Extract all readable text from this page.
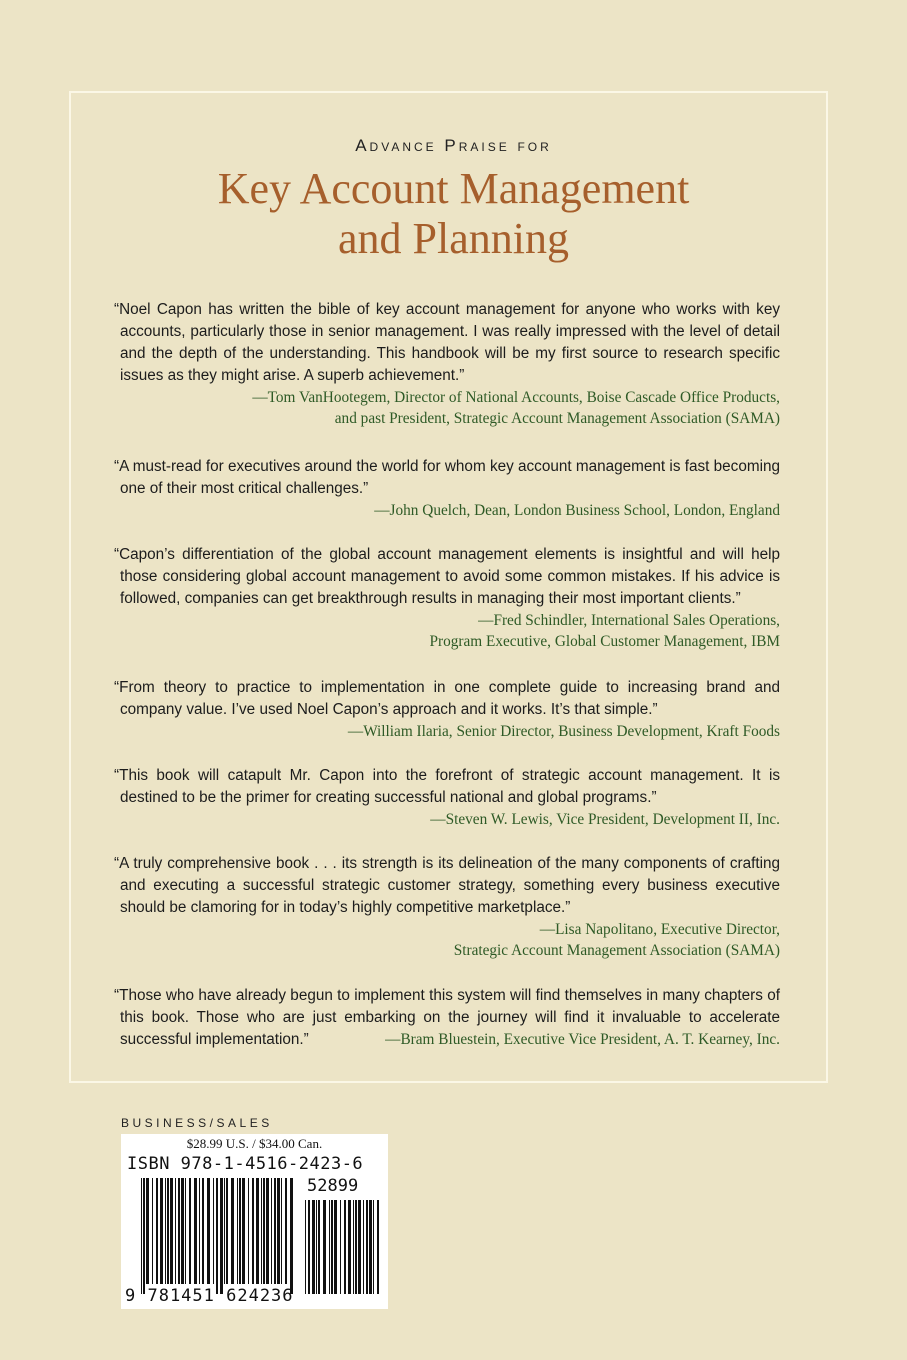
Advance Praise for
Key Account Management
and Planning
“Noel Capon has written the bible of key account management for anyone who works with key accounts, particularly those in senior management. I was really impressed with the level of detail and the depth of the understanding. This handbook will be my first source to research specific issues as they might arise. A superb achievement.”
—Tom VanHootegem, Director of National Accounts, Boise Cascade Office Products,
and past President, Strategic Account Management Association (SAMA)
“A must-read for executives around the world for whom key account management is fast becoming one of their most critical challenges.”
—John Quelch, Dean, London Business School, London, England
“Capon’s differentiation of the global account management elements is insightful and will help those considering global account management to avoid some common mistakes. If his advice is followed, companies can get breakthrough results in managing their most important clients.”
—Fred Schindler, International Sales Operations,
Program Executive, Global Customer Management, IBM
“From theory to practice to implementation in one complete guide to increasing brand and company value. I’ve used Noel Capon’s approach and it works. It’s that simple.”
—William Ilaria, Senior Director, Business Development, Kraft Foods
“This book will catapult Mr. Capon into the forefront of strategic account management. It is destined to be the primer for creating successful national and global programs.”
—Steven W. Lewis, Vice President, Development II, Inc.
“A truly comprehensive book . . . its strength is its delineation of the many components of crafting and executing a successful strategic customer strategy, something every business executive should be clamoring for in today’s highly competitive marketplace.”
—Lisa Napolitano, Executive Director,
Strategic Account Management Association (SAMA)
“Those who have already begun to implement this system will find themselves in many chapters of this book. Those who are just embarking on the journey will find it invaluable to accelerate successful implementation.”	—Bram Bluestein, Executive Vice President, A. T. Kearney, Inc.
BUSINESS/SALES
$28.99 U.S. / $34.00 Can.
ISBN 978-1-4516-2423-6
52899
9 781451 624236
